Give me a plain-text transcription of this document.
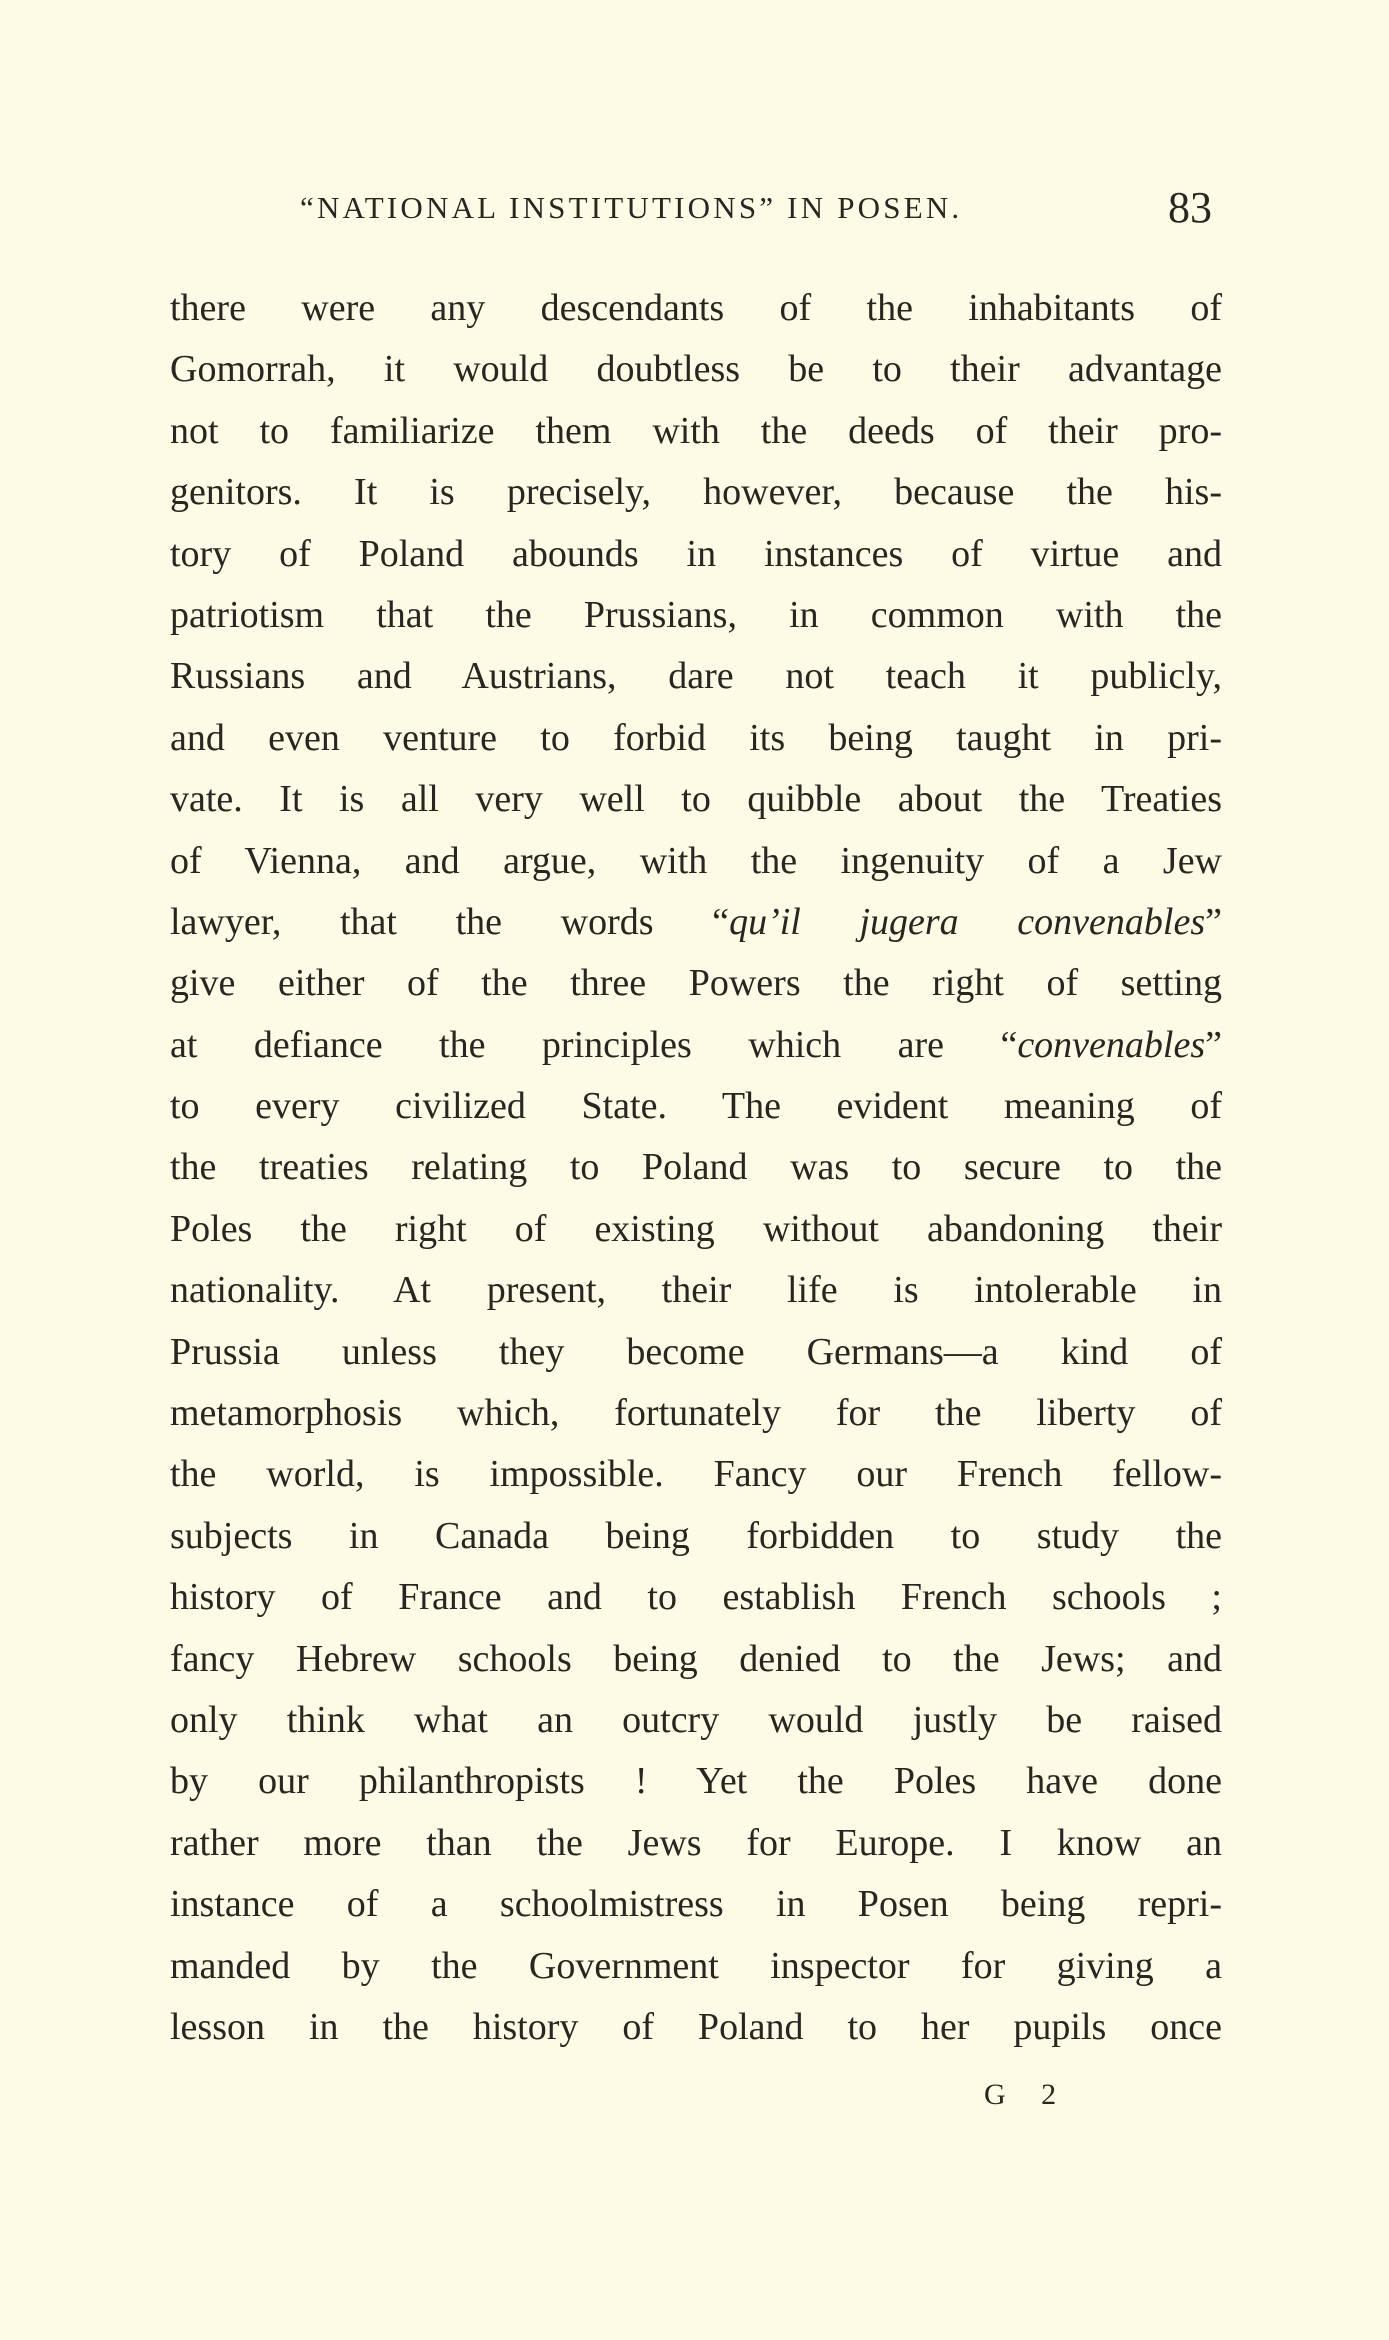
“NATIONAL INSTITUTIONS” IN POSEN.	83
there were any descendants of the inhabitants of
Gomorrah, it would doubtless be to their advantage
not to familiarize them with the deeds of their pro-
genitors. It is precisely, however, because the his-
tory of Poland abounds in instances of virtue and
patriotism that the Prussians, in common with the
Russians and Austrians, dare not teach it publicly,
and even venture to forbid its being taught in pri-
vate. It is all very well to quibble about the Treaties
of Vienna, and argue, with the ingenuity of a Jew
lawyer, that the words “qu’il jugera convenables”
give either of the three Powers the right of setting
at defiance the principles which are “convenables”
to every civilized State. The evident meaning of
the treaties relating to Poland was to secure to the
Poles the right of existing without abandoning their
nationality. At present, their life is intolerable in
Prussia unless they become Germans—a kind of
metamorphosis which, fortunately for the liberty of
the world, is impossible. Fancy our French fellow-
subjects in Canada being forbidden to study the
history of France and to establish French schools ;
fancy Hebrew schools being denied to the Jews; and
only think what an outcry would justly be raised
by our philanthropists ! Yet the Poles have done
rather more than the Jews for Europe. I know an
instance of a schoolmistress in Posen being repri-
manded by the Government inspector for giving a
lesson in the history of Poland to her pupils once
G 2
